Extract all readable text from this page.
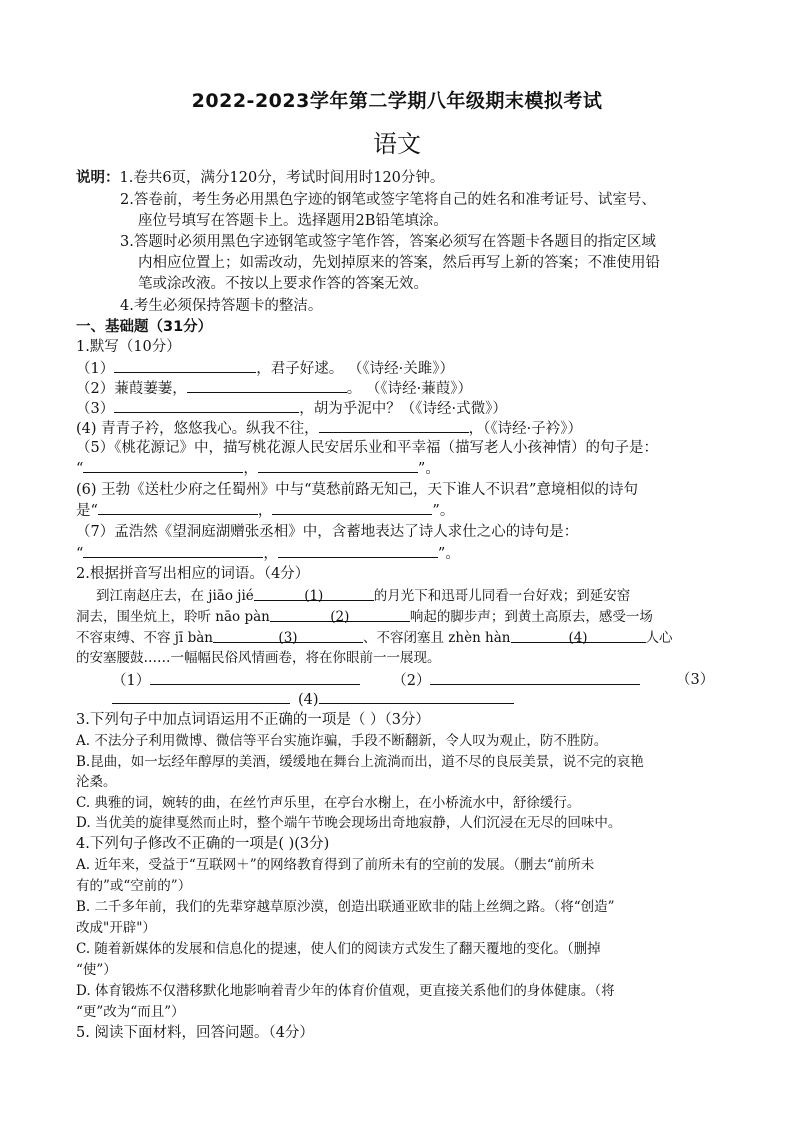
2022-2023学年第二学期八年级期末模拟考试
语文
说明：1.卷共6页，满分120分，考试时间用时120分钟。
2.答卷前，考生务必用黑色字迹的钢笔或签字笔将自己的姓名和准考证号、试室号、
座位号填写在答题卡上。选择题用2B铅笔填涂。
3.答题时必须用黑色字迹钢笔或签字笔作答，答案必须写在答题卡各题目的指定区域
内相应位置上；如需改动，先划掉原来的答案，然后再写上新的答案；不准使用铅
笔或涂改液。不按以上要求作答的答案无效。
4.考生必须保持答题卡的整洁。
一、基础题（31分）
1.默写（10分）
（1）	，君子好逑。 （《诗经·关雎》）
（2）蒹葭萋萋，	。 （《诗经·蒹葭》）
（3）	，胡为乎泥中？（《诗经·式微》）
(4) 青青子衿，悠悠我心。纵我不往，	，（《诗经·子衿》）
（5）《桃花源记》中，描写桃花源人民安居乐业和平幸福（描写老人小孩神情）的句子是：
“	，	”。
(6) 王勃《送杜少府之任蜀州》中与“莫愁前路无知己，天下谁人不识君”意境相似的诗句
是“	，	”。
（7）孟浩然《望洞庭湖赠张丞相》中，含蓄地表达了诗人求仕之心的诗句是：
“	，	”。
2.根据拼音写出相应的词语。（4分）
到江南赵庄去，在 jiāo jié	(1)	的月光下和迅哥儿同看一台好戏；到延安窑
洞去，围坐炕上，聆听 nāo pàn	(2)	响起的脚步声；到黄土高原去，感受一场
不容束缚、不容 jī bàn	(3)	、不容闭塞且 zhèn hàn	(4)	人心
的安塞腰鼓……一幅幅民俗风情画卷，将在你眼前一一展现。
（1）	（2）	（3）
(4)
3.下列句子中加点词语运用不正确的一项是（ ）（3分）
A. 不法分子利用微博、微信等平台实施诈骗，手段不断翻新，令人叹为观止，防不胜防。
B.昆曲，如一坛经年醇厚的美酒，缓缓地在舞台上流淌而出，道不尽的良辰美景，说不完的哀艳
沦桑。
C. 典雅的词，婉转的曲，在丝竹声乐里，在亭台水榭上，在小桥流水中，舒徐缓行。
D. 当优美的旋律戛然而止时，整个端午节晚会现场出奇地寂静，人们沉浸在无尽的回味中。
4.下列句子修改不正确的一项是( )(3分)
A. 近年来，受益于“互联网＋”的网络教育得到了前所未有的空前的发展。（删去“前所未
有的”或“空前的”）
B. 二千多年前，我们的先辈穿越草原沙漠，创造出联通亚欧非的陆上丝绸之路。（将“创造”
改成"开辟"）
C. 随着新媒体的发展和信息化的提速，使人们的阅读方式发生了翻天覆地的变化。（删掉
“使”）
D. 体育锻炼不仅潜移默化地影响着青少年的体育价值观，更直接关系他们的身体健康。（将
“更”改为“而且”）
5. 阅读下面材料，回答问题。（4分）
